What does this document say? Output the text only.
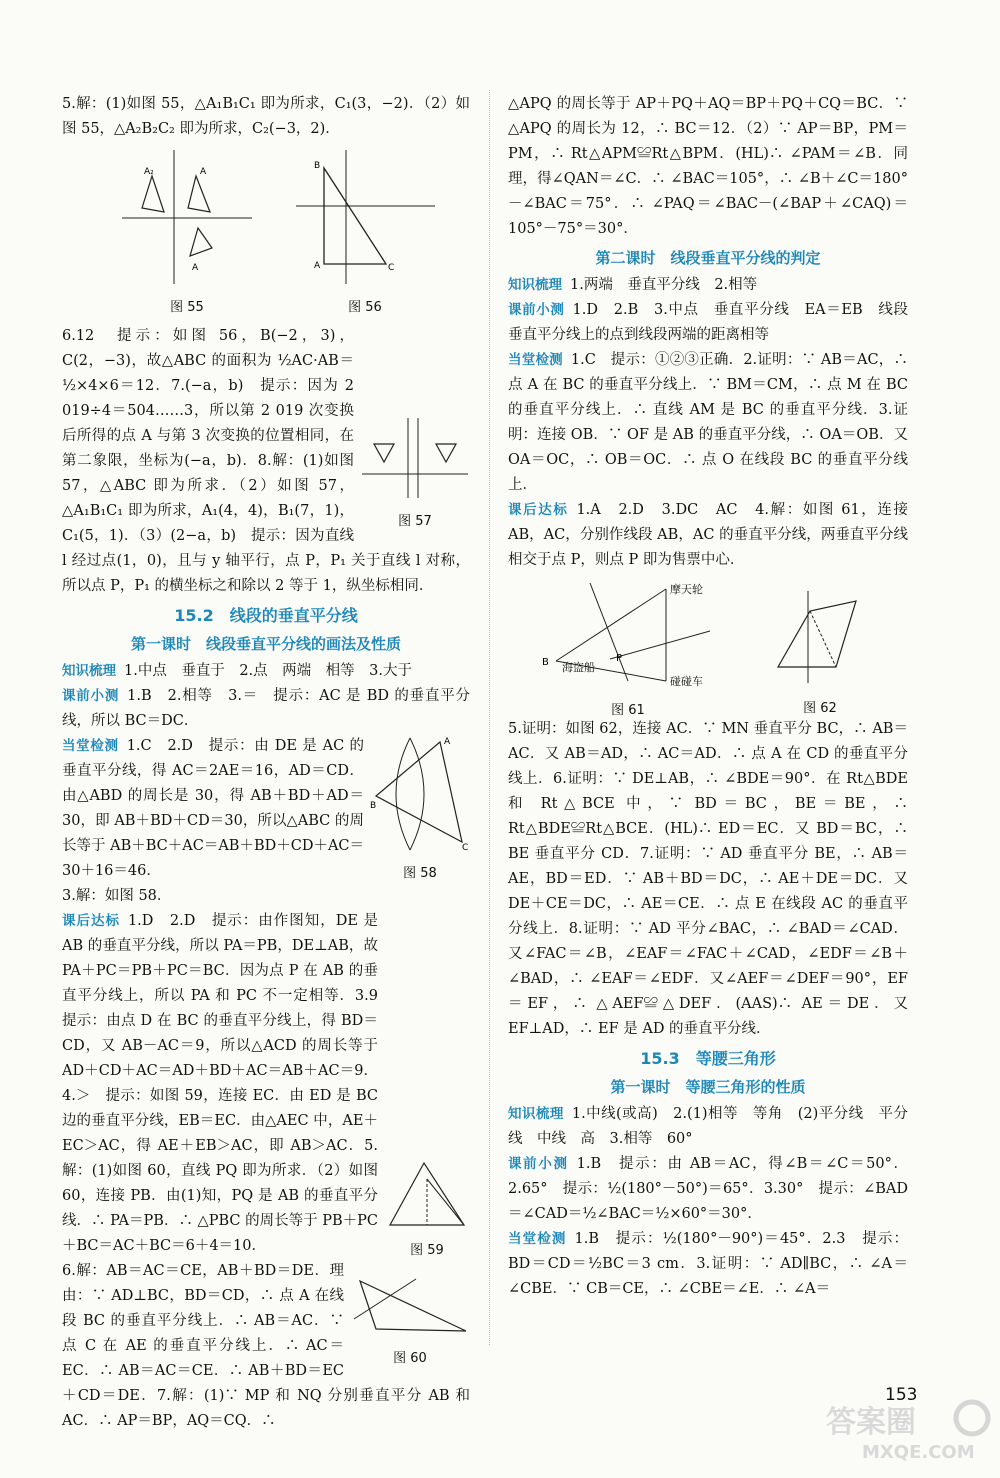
5.解：(1)如图 55，△A₁B₁C₁ 即为所求，C₁(3，−2)．（2）如图 55，△A₂B₂C₂ 即为所求，C₂(−3，2)．

A₂	A
A
图 55
B
A	C
图 56
图 57

6.12　提示：如图 56，B(−2，3)，C(2，−3)，故△ABC 的面积为 ½AC·AB＝½×4×6＝12．7.(−a，b)　提示：因为 2 019÷4＝504……3，所以第 2 019 次变换后所得的点 A 与第 3 次变换的位置相同，在第二象限，坐标为(−a，b)．8.解：(1)如图 57，△ABC 即为所求．（2）如图 57，△A₁B₁C₁ 即为所求，A₁(4，4)，B₁(7，1)，C₁(5，1)．（3）(2−a，b)　提示：因为直线 l 经过点(1，0)，且与 y 轴平行，点 P，P₁ 关于直线 l 对称，所以点 P，P₁ 的横坐标之和除以 2 等于 1，纵坐标相同．

15.2　线段的垂直平分线
第一课时　线段垂直平分线的画法及性质

知识梳理 1.中点　垂直于　2.点　两端　相等　3.大于

课前小测 1.B　2.相等　3.＝　提示：AC 是 BD 的垂直平分线，所以 BC＝DC．

A
B
C
图 58

当堂检测 1.C　2.D　提示：由 DE 是 AC 的垂直平分线，得 AC＝2AE＝16，AD＝CD．由△ABD 的周长是 30，得 AB＋BD＋AD＝30，即 AB＋BD＋CD＝30，所以△ABC 的周长等于 AB＋BC＋AC＝AB＋BD＋CD＋AC＝30＋16＝46．

3.解：如图 58．

图 59
图 60

课后达标 1.D　2.D　提示：由作图知，DE 是 AB 的垂直平分线，所以 PA＝PB，DE⊥AB，故 PA＋PC＝PB＋PC＝BC．因为点 P 在 AB 的垂直平分线上，所以 PA 和 PC 不一定相等．3.9　提示：由点 D 在 BC 的垂直平分线上，得 BD＝CD，又 AB－AC＝9，所以△ACD 的周长等于 AD＋CD＋AC＝AD＋BD＋AC＝AB＋AC＝9．4.＞　提示：如图 59，连接 EC．由 ED 是 BC 边的垂直平分线，EB＝EC．由△AEC 中，AE＋EC＞AC，得 AE＋EB＞AC，即 AB＞AC．5.解：(1)如图 60，直线 PQ 即为所求．（2）如图 60，连接 PB．由(1)知，PQ 是 AB 的垂直平分线．∴ PA＝PB．∴ △PBC 的周长等于 PB＋PC＋BC＝AC＋BC＝6＋4＝10．

6.解：AB＝AC＝CE，AB＋BD＝DE．理由：∵ AD⊥BC，BD＝CD，∴ 点 A 在线段 BC 的垂直平分线上．∴ AB＝AC．∵ 点 C 在 AE 的垂直平分线上．∴ AC＝EC．∴ AB＝AC＝CE．∴ AB＋BD＝EC＋CD＝DE．7.解：(1)∵ MP 和 NQ 分别垂直平分 AB 和 AC．∴ AP＝BP，AQ＝CQ．∴

△APQ 的周长等于 AP＋PQ＋AQ＝BP＋PQ＋CQ＝BC．∵ △APQ 的周长为 12，∴ BC＝12．（2）∵ AP＝BP，PM＝PM，∴ Rt△APM≌Rt△BPM．(HL)∴ ∠PAM＝∠B．同理，得∠QAN＝∠C．∴ ∠BAC＝105°，∴ ∠B＋∠C＝180°－∠BAC＝75°．∴ ∠PAQ＝∠BAC－(∠BAP＋∠CAQ)＝105°－75°＝30°．

第二课时　线段垂直平分线的判定

知识梳理 1.两端　垂直平分线　2.相等

课前小测 1.D　2.B　3.中点　垂直平分线　EA＝EB　线段垂直平分线上的点到线段两端的距离相等

当堂检测 1.C　提示：①②③正确．2.证明：∵ AB＝AC，∴ 点 A 在 BC 的垂直平分线上．∵ BM＝CM，∴ 点 M 在 BC 的垂直平分线上．∴ 直线 AM 是 BC 的垂直平分线．3.证明：连接 OB．∵ OF 是 AB 的垂直平分线，∴ OA＝OB．又 OA＝OC，∴ OB＝OC．∴ 点 O 在线段 BC 的垂直平分线上．

课后达标 1.A　2.D　3.DC　AC　4.解：如图 61，连接 AB，AC，分别作线段 AB，AC 的垂直平分线，两垂直平分线相交于点 P，则点 P 即为售票中心．

B	P
摩天轮
海盗船
碰碰车
图 61	图 62

5.证明：如图 62，连接 AC．∵ MN 垂直平分 BC，∴ AB＝AC．又 AB＝AD，∴ AC＝AD．∴ 点 A 在 CD 的垂直平分线上．6.证明：∵ DE⊥AB，∴ ∠BDE＝90°．在 Rt△BDE 和 Rt△BCE 中，∵ BD＝BC，BE＝BE，∴ Rt△BDE≌Rt△BCE．(HL)∴ ED＝EC．又 BD＝BC，∴ BE 垂直平分 CD．7.证明：∵ AD 垂直平分 BE，∴ AB＝AE，BD＝ED．∵ AB＋BD＝DC，∴ AE＋DE＝DC．又 DE＋CE＝DC，∴ AE＝CE．∴ 点 E 在线段 AC 的垂直平分线上．8.证明：∵ AD 平分∠BAC，∴ ∠BAD＝∠CAD．又∠FAC＝∠B，∠EAF＝∠FAC＋∠CAD，∠EDF＝∠B＋∠BAD，∴ ∠EAF＝∠EDF．又∠AEF＝∠DEF＝90°，EF＝EF，∴ △AEF≌△DEF．(AAS)∴ AE＝DE．又 EF⊥AD，∴ EF 是 AD 的垂直平分线．

15.3　等腰三角形
第一课时　等腰三角形的性质

知识梳理 1.中线(或高)　2.(1)相等　等角　(2)平分线　平分线　中线　高　3.相等　60°

课前小测 1.B　提示：由 AB＝AC，得∠B＝∠C＝50°．2.65°　提示：½(180°－50°)＝65°．3.30°　提示：∠BAD＝∠CAD＝½∠BAC＝½×60°＝30°．

当堂检测 1.B　提示：½(180°－90°)＝45°．2.3　提示：BD＝CD＝½BC＝3 cm．3.证明：∵ AD∥BC，∴ ∠A＝∠CBE．∵ CB＝CE，∴ ∠CBE＝∠E．∴ ∠A＝

153
答案圈
MXQE.COM
